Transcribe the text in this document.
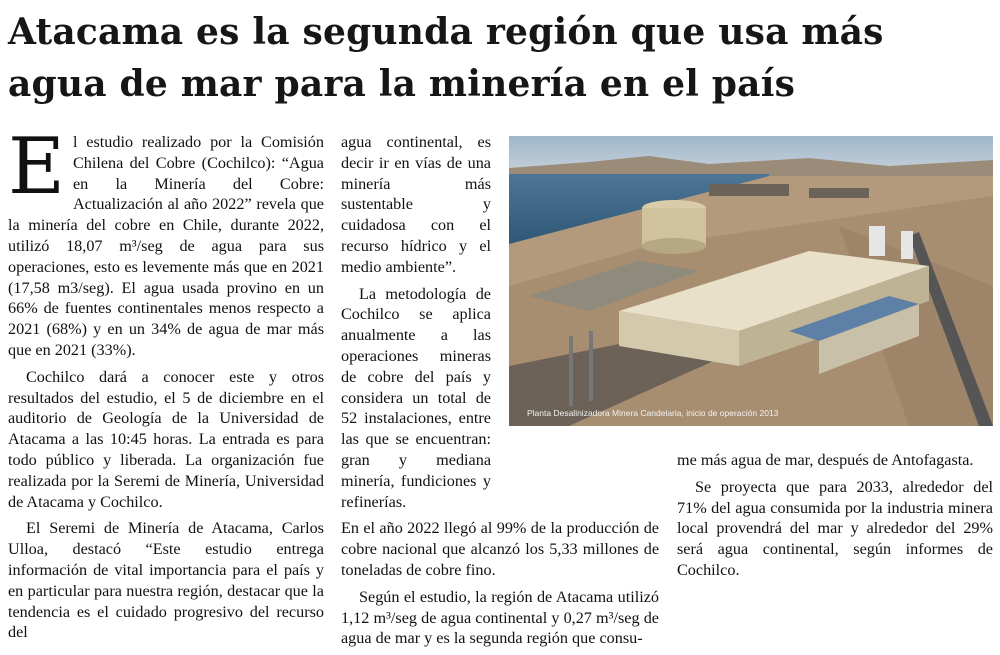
Atacama es la segunda región que usa más agua de mar para la minería en el país
E l estudio realizado por la Comisión Chilena del Cobre (Cochilco): “Agua en la Minería del Cobre: Actualización al año 2022” revela que la minería del cobre en Chile, durante 2022, utilizó 18,07 m³/seg de agua para sus operaciones, esto es levemente más que en 2021 (17,58 m3/seg). El agua usada provino en un 66% de fuentes continentales menos respecto a 2021 (68%) y en un 34% de agua de mar más que en 2021 (33%).

Cochilco dará a conocer este y otros resultados del estudio, el 5 de diciembre en el auditorio de Geología de la Universidad de Atacama a las 10:45 horas. La entrada es para todo público y liberada. La organización fue realizada por la Seremi de Minería, Universidad de Atacama y Cochilco.

El Seremi de Minería de Atacama, Carlos Ulloa, destacó “Este estudio entrega información de vital importancia para el país y en particular para nuestra región, destacar que la tendencia es el cuidado progresivo del recurso del

agua continental, es decir ir en vías de una minería más sustentable y cuidadosa con el recurso hídrico y el medio ambiente”.

La metodología de Cochilco se aplica anualmente a las operaciones mineras de cobre del país y considera un total de 52 instalaciones, entre las que se encuentran: gran y mediana minería, fundiciones y refinerías.

En el año 2022 llegó al 99% de la producción de cobre nacional que alcanzó los 5,33 millones de toneladas de cobre fino.

Según el estudio, la región de Atacama utilizó 1,12 m³/seg de agua continental y 0,27 m³/seg de agua de mar y es la segunda región que consu-

Planta Desalinizadora Minera Candelaria, inicio de operación 2013

me más agua de mar, después de Antofagasta.

Se proyecta que para 2033, alrededor del 71% del agua consumida por la industria minera local provendrá del mar y alrededor del 29% será agua continental, según informes de Cochilco.
